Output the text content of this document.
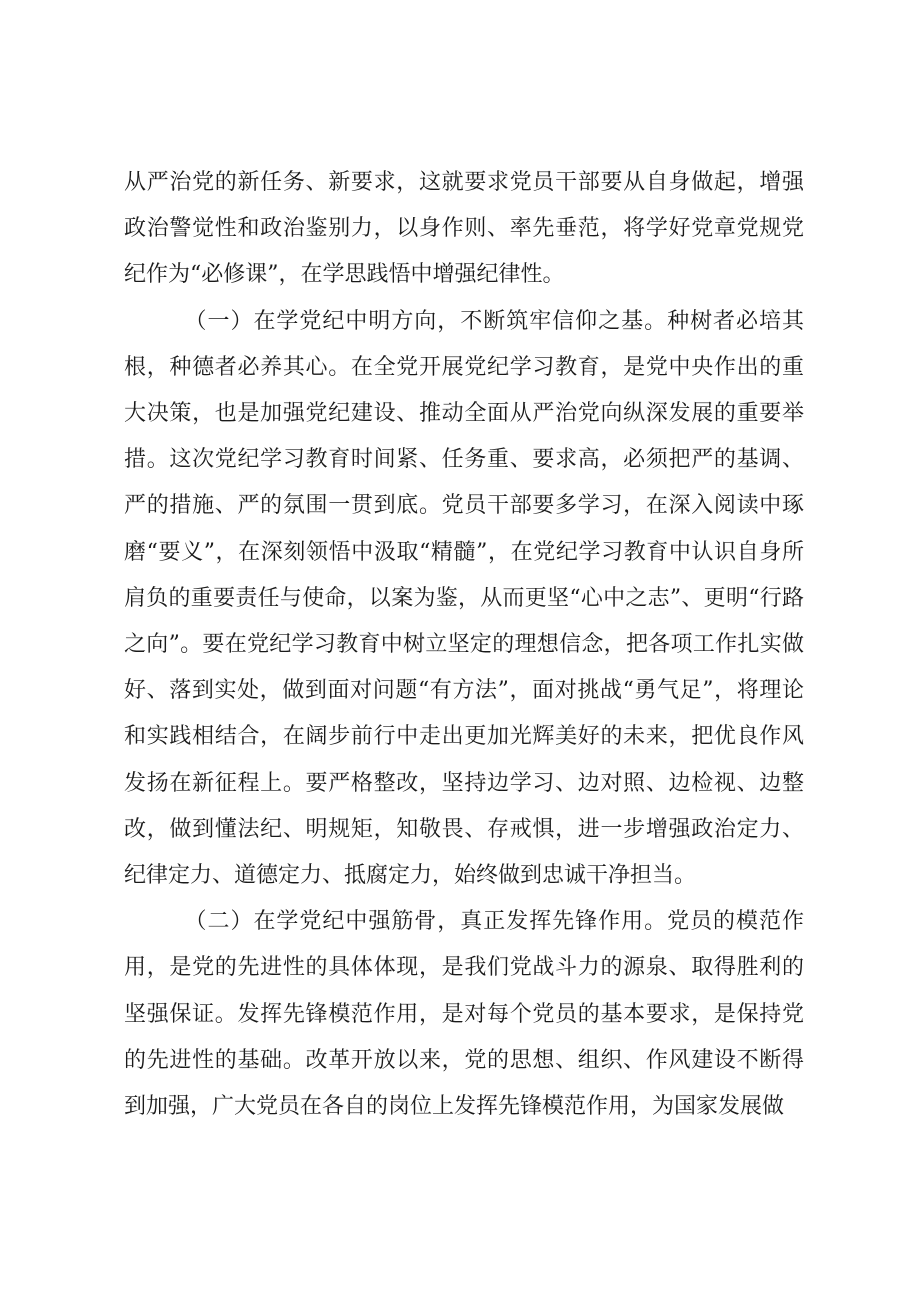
从严治党的新任务、新要求，这就要求党员干部要从自身做起，增强政治警觉性和政治鉴别力，以身作则、率先垂范，将学好党章党规党纪作为“必修课”，在学思践悟中增强纪律性。

（一）在学党纪中明方向，不断筑牢信仰之基。种树者必培其根，种德者必养其心。在全党开展党纪学习教育，是党中央作出的重大决策，也是加强党纪建设、推动全面从严治党向纵深发展的重要举措。这次党纪学习教育时间紧、任务重、要求高，必须把严的基调、严的措施、严的氛围一贯到底。党员干部要多学习，在深入阅读中琢磨“要义”，在深刻领悟中汲取“精髓”，在党纪学习教育中认识自身所肩负的重要责任与使命，以案为鉴，从而更坚“心中之志”、更明“行路之向”。要在党纪学习教育中树立坚定的理想信念，把各项工作扎实做好、落到实处，做到面对问题“有方法”，面对挑战“勇气足”，将理论和实践相结合，在阔步前行中走出更加光辉美好的未来，把优良作风发扬在新征程上。要严格整改，坚持边学习、边对照、边检视、边整改，做到懂法纪、明规矩，知敬畏、存戒惧，进一步增强政治定力、纪律定力、道德定力、抵腐定力，始终做到忠诚干净担当。

（二）在学党纪中强筋骨，真正发挥先锋作用。党员的模范作用，是党的先进性的具体体现，是我们党战斗力的源泉、取得胜利的坚强保证。发挥先锋模范作用，是对每个党员的基本要求，是保持党的先进性的基础。改革开放以来，党的思想、组织、作风建设不断得到加强，广大党员在各自的岗位上发挥先锋模范作用，为国家发展做
